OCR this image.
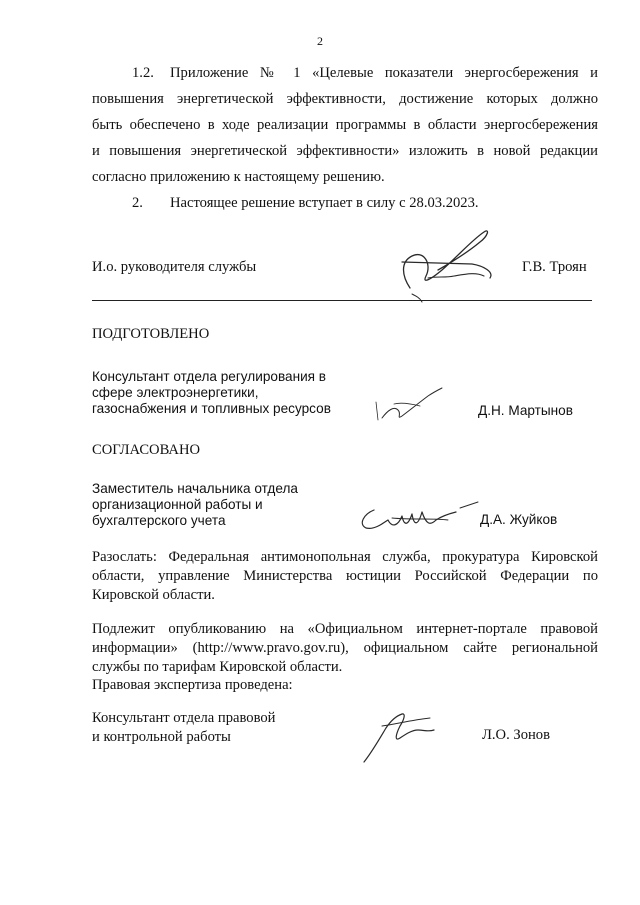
2
1.2. Приложение № 1 «Целевые показатели энергосбережения и
повышения энергетической эффективности, достижение которых должно
быть обеспечено в ходе реализации программы в области энергосбережения
и повышения энергетической эффективности» изложить в новой редакции
согласно приложению к настоящему решению.
2. Настоящее решение вступает в силу с 28.03.2023.
И.о. руководителя службы	Г.В. Троян
ПОДГОТОВЛЕНО
Консультант отдела регулирования в
сфере электроэнергетики,
газоснабжения и топливных ресурсов	Д.Н. Мартынов
СОГЛАСОВАНО
Заместитель начальника отдела
организационной работы и
бухгалтерского учета	Д.А. Жуйков
Разослать: Федеральная антимонопольная служба, прокуратура Кировской
области, управление Министерства юстиции Российской Федерации по
Кировской области.
Подлежит опубликованию на «Официальном интернет-портале правовой
информации» (http://www.pravo.gov.ru), официальном сайте региональной
службы по тарифам Кировской области.
Правовая экспертиза проведена:
Консультант отдела правовой
и контрольной работы	Л.О. Зонов
